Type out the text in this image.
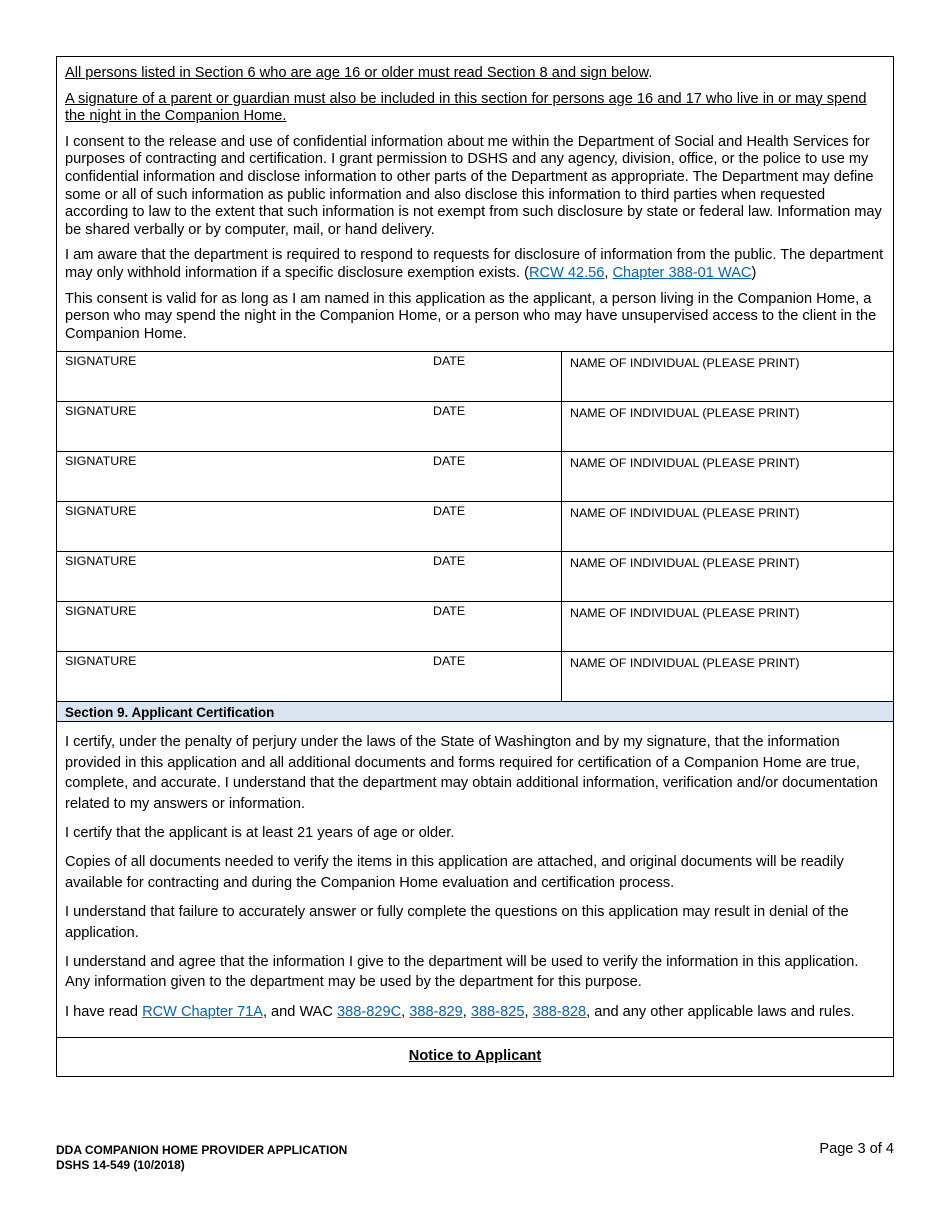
All persons listed in Section 6 who are age 16 or older must read Section 8 and sign below.

A signature of a parent or guardian must also be included in this section for persons age 16 and 17 who live in or may spend the night in the Companion Home.

I consent to the release and use of confidential information about me within the Department of Social and Health Services for purposes of contracting and certification. I grant permission to DSHS and any agency, division, office, or the police to use my confidential information and disclose information to other parts of the Department as appropriate. The Department may define some or all of such information as public information and also disclose this information to third parties when requested according to law to the extent that such information is not exempt from such disclosure by state or federal law. Information may be shared verbally or by computer, mail, or hand delivery.

I am aware that the department is required to respond to requests for disclosure of information from the public. The department may only withhold information if a specific disclosure exemption exists. (RCW 42.56, Chapter 388-01 WAC)

This consent is valid for as long as I am named in this application as the applicant, a person living in the Companion Home, a person who may spend the night in the Companion Home, or a person who may have unsupervised access to the client in the Companion Home.

SIGNATURE	DATE	NAME OF INDIVIDUAL (PLEASE PRINT)
SIGNATURE	DATE	NAME OF INDIVIDUAL (PLEASE PRINT)
SIGNATURE	DATE	NAME OF INDIVIDUAL (PLEASE PRINT)
SIGNATURE	DATE	NAME OF INDIVIDUAL (PLEASE PRINT)
SIGNATURE	DATE	NAME OF INDIVIDUAL (PLEASE PRINT)
SIGNATURE	DATE	NAME OF INDIVIDUAL (PLEASE PRINT)
SIGNATURE	DATE	NAME OF INDIVIDUAL (PLEASE PRINT)
Section 9. Applicant Certification

I certify, under the penalty of perjury under the laws of the State of Washington and by my signature, that the information provided in this application and all additional documents and forms required for certification of a Companion Home are true, complete, and accurate. I understand that the department may obtain additional information, verification and/or documentation related to my answers or information.

I certify that the applicant is at least 21 years of age or older.

Copies of all documents needed to verify the items in this application are attached, and original documents will be readily available for contracting and during the Companion Home evaluation and certification process.

I understand that failure to accurately answer or fully complete the questions on this application may result in denial of the application.

I understand and agree that the information I give to the department will be used to verify the information in this application. Any information given to the department may be used by the department for this purpose.

I have read RCW Chapter 71A, and WAC 388-829C, 388-829, 388-825, 388-828, and any other applicable laws and rules.

Notice to Applicant
DDA COMPANION HOME PROVIDER APPLICATION
DSHS 14-549 (10/2018)
Page 3 of 4
